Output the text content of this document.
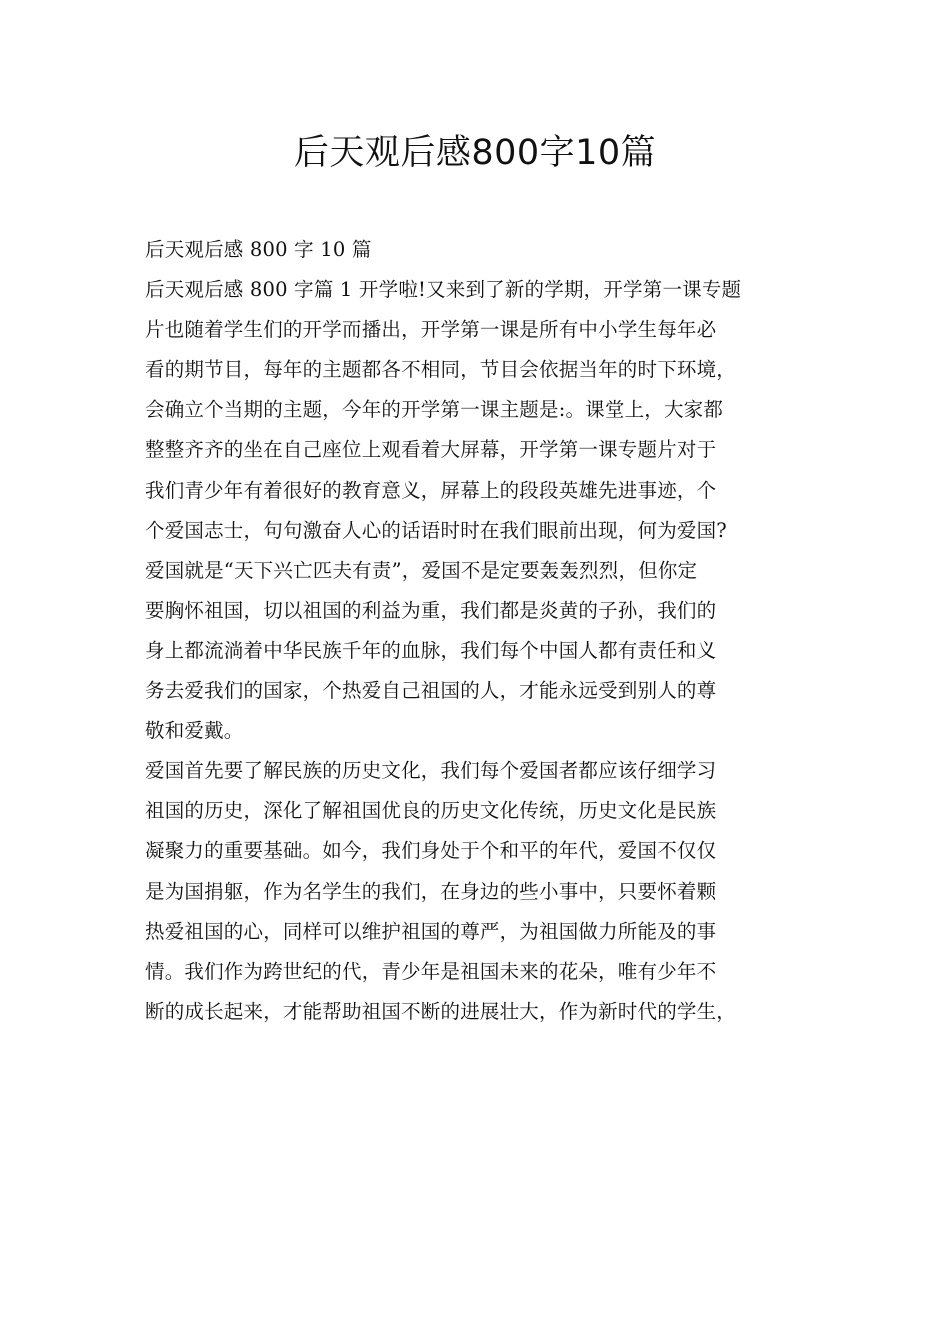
后天观后感800字10篇

后天观后感 800 字 10 篇

后天观后感 800 字篇 1 开学啦!又来到了新的学期，开学第一课专题

片也随着学生们的开学而播出，开学第一课是所有中小学生每年必

看的期节目，每年的主题都各不相同，节目会依据当年的时下环境，

会确立个当期的主题，今年的开学第一课主题是:。课堂上，大家都

整整齐齐的坐在自己座位上观看着大屏幕，开学第一课专题片对于

我们青少年有着很好的教育意义，屏幕上的段段英雄先进事迹，个

个爱国志士，句句激奋人心的话语时时在我们眼前出现，何为爱国?

爱国就是“天下兴亡匹夫有责”，爱国不是定要轰轰烈烈，但你定

要胸怀祖国，切以祖国的利益为重，我们都是炎黄的子孙，我们的

身上都流淌着中华民族千年的血脉，我们每个中国人都有责任和义

务去爱我们的国家，个热爱自己祖国的人，才能永远受到别人的尊

敬和爱戴。

爱国首先要了解民族的历史文化，我们每个爱国者都应该仔细学习

祖国的历史，深化了解祖国优良的历史文化传统，历史文化是民族

凝聚力的重要基础。如今，我们身处于个和平的年代，爱国不仅仅

是为国捐躯，作为名学生的我们，在身边的些小事中，只要怀着颗

热爱祖国的心，同样可以维护祖国的尊严，为祖国做力所能及的事

情。我们作为跨世纪的代，青少年是祖国未来的花朵，唯有少年不

断的成长起来，才能帮助祖国不断的进展壮大，作为新时代的学生，
